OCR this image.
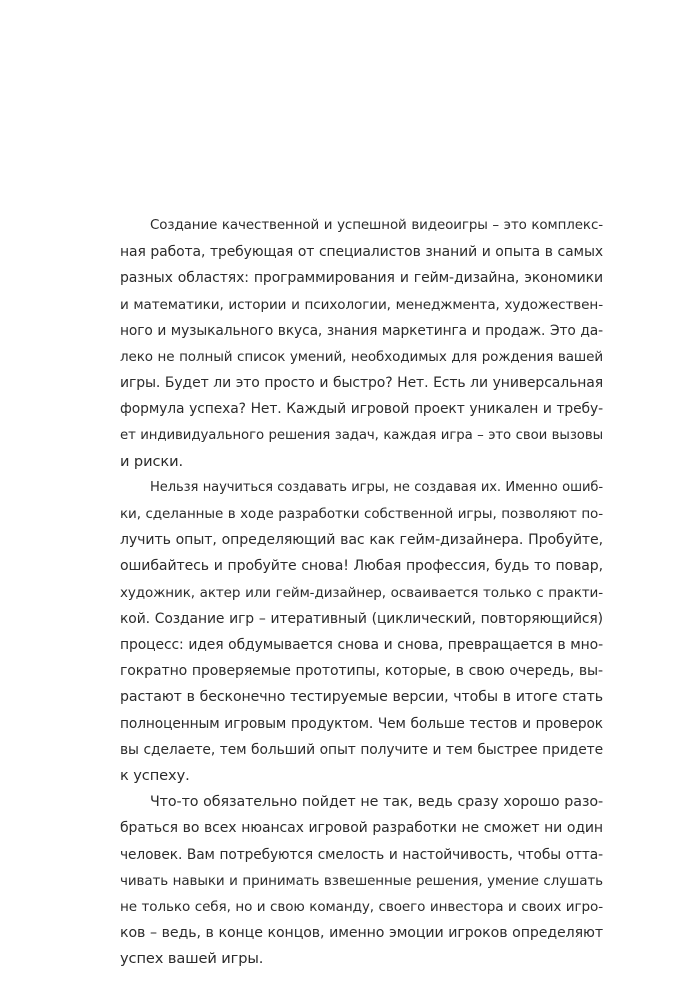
Создание качественной и успешной видеоигры – это комплекс-
ная работа, требующая от специалистов знаний и опыта в самых
разных областях: программирования и гейм-дизайна, экономики
и математики, истории и психологии, менеджмента, художествен-
ного и музыкального вкуса, знания маркетинга и продаж. Это да-
леко не полный список умений, необходимых для рождения вашей
игры. Будет ли это просто и быстро? Нет. Есть ли универсальная
формула успеха? Нет. Каждый игровой проект уникален и требу-
ет индивидуального решения задач, каждая игра – это свои вызовы
и риски.
Нельзя научиться создавать игры, не создавая их. Именно ошиб-
ки, сделанные в ходе разработки собственной игры, позволяют по-
лучить опыт, определяющий вас как гейм-дизайнера. Пробуйте,
ошибайтесь и пробуйте снова! Любая профессия, будь то повар,
художник, актер или гейм-дизайнер, осваивается только с практи-
кой. Создание игр – итеративный (циклический, повторяющийся)
процесс: идея обдумывается снова и снова, превращается в мно-
гократно проверяемые прототипы, которые, в свою очередь, вы-
растают в бесконечно тестируемые версии, чтобы в итоге стать
полноценным игровым продуктом. Чем больше тестов и проверок
вы сделаете, тем больший опыт получите и тем быстрее придете
к успеху.
Что-то обязательно пойдет не так, ведь сразу хорошо разо-
браться во всех нюансах игровой разработки не сможет ни один
человек. Вам потребуются смелость и настойчивость, чтобы отта-
чивать навыки и принимать взвешенные решения, умение слушать
не только себя, но и свою команду, своего инвестора и своих игро-
ков – ведь, в конце концов, именно эмоции игроков определяют
успех вашей игры.
